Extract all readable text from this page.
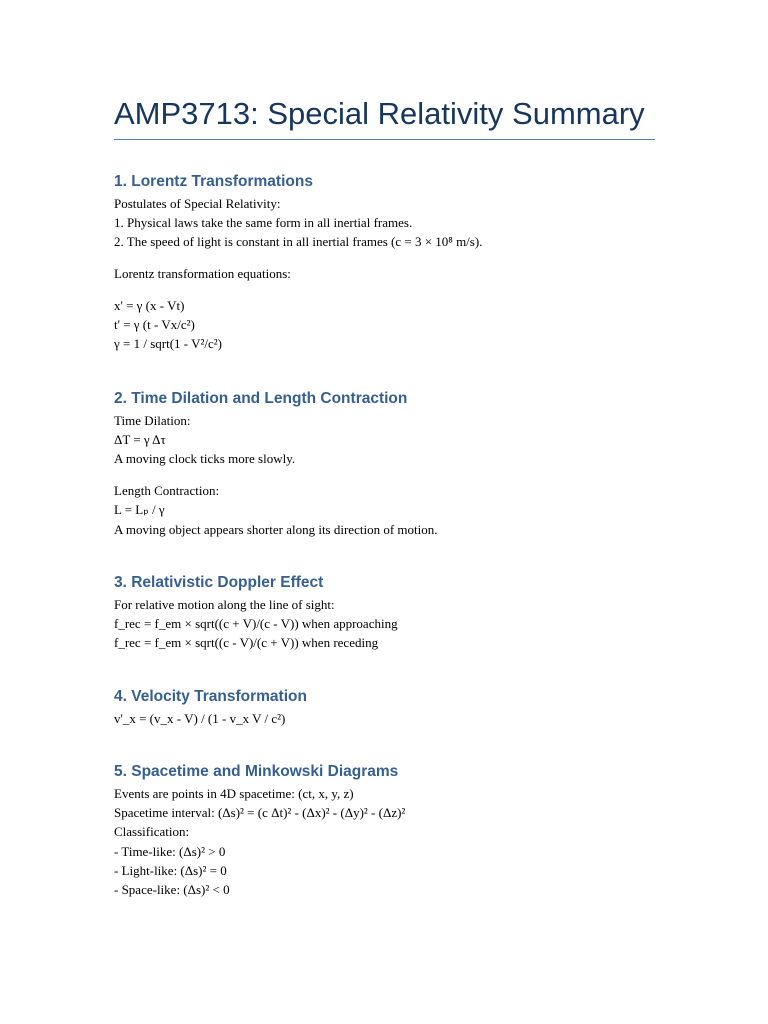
AMP3713: Special Relativity Summary
1. Lorentz Transformations
Postulates of Special Relativity:
1. Physical laws take the same form in all inertial frames.
2. The speed of light is constant in all inertial frames (c = 3 × 10⁸ m/s).
Lorentz transformation equations:
x' = γ (x - Vt)
t' = γ (t - Vx/c²)
γ = 1 / sqrt(1 - V²/c²)
2. Time Dilation and Length Contraction
Time Dilation:
ΔT = γ Δτ
A moving clock ticks more slowly.
Length Contraction:
L = Lₚ / γ
A moving object appears shorter along its direction of motion.
3. Relativistic Doppler Effect
For relative motion along the line of sight:
f_rec = f_em × sqrt((c + V)/(c - V)) when approaching
f_rec = f_em × sqrt((c - V)/(c + V)) when receding
4. Velocity Transformation
v'_x = (v_x - V) / (1 - v_x V / c²)
5. Spacetime and Minkowski Diagrams
Events are points in 4D spacetime: (ct, x, y, z)
Spacetime interval: (Δs)² = (c Δt)² - (Δx)² - (Δy)² - (Δz)²
Classification:
- Time-like: (Δs)² > 0
- Light-like: (Δs)² = 0
- Space-like: (Δs)² < 0
